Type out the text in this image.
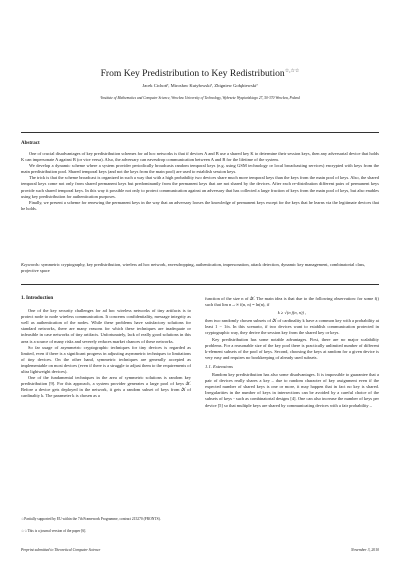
From Key Predistribution to Key Redistribution☆,☆☆
Jacek Cichońª, Mirosław Kutyłowskiª, Zbigniew Gołębiewskiª
ªInstitute of Mathematics and Computer Science, Wrocław University of Technology, Wybrzeże Wyspiańskiego 27, 50-370 Wrocław, Poland
Abstract

One of crucial disadvantages of key predistribution schemes for ad hoc networks is that if devices A and B use a shared key K to determine their session keys, then any adversarial device that holds K can impersonate A against B (or vice versa). Also, the adversary can eavesdrop communication between A and B for the lifetime of the system.

We develop a dynamic scheme where a system provider periodically broadcasts random temporal keys (e.g. using GSM technology or local broadcasting services) encrypted with keys from the main predistribution pool. Shared temporal keys (and not the keys from the main pool) are used to establish session keys.

The trick is that the scheme broadcast is organized in such a way that with a high probability two devices share much more temporal keys than the keys from the main pool of keys. Also, the shared temporal keys come not only from shared permanent keys but predominantly from the permanent keys that are not shared by the devices. After each re-distribution different pairs of permanent keys provide such shared temporal keys. In this way it possible not only to protect communication against an adversary that has collected a large fraction of keys from the main pool of keys, but also enables using key predistribution for authentication purposes.

Finally, we present a scheme for renewing the permanent keys in the way that an adversary looses the knowledge of permanent keys except for the keys that he learns via the legitimate devices that he holds.

Keywords: symmetric cryptography, key predistribution, wireless ad hoc network, eavesdropping, authentication, impersonation, attack detection, dynamic key management, combinatorial class, projective space
1. Introduction

One of the key security challenges for ad hoc wireless networks of tiny artifacts is to protect node to node wireless communication. It concerns confidentiality, message integrity as well as authentication of the nodes. While these problems have satisfactory solutions for standard networks, there are many reasons for which these techniques are inadequate or infeasible in case networks of tiny artifacts. Unfortunately, lack of really good solutions in this area is a source of many risks and severely reduces market chances of these networks.

So far usage of asymmetric cryptographic techniques for tiny devices is regarded as limited, even if there is a significant progress in adjusting asymmetric techniques to limitations of tiny devices. On the other hand, symmetric techniques are generally accepted as implementable on most devices (even if there is a struggle to adjust them to the requirements of ultra lightweight devices).

One of the fundamental techniques in the area of symmetric solutions is random key predistribution [9]. For this approach, a system provider generates a large pool of keys 𝒦. Before a device gets deployed in the network, it gets a random subset of keys from 𝒦 of cardinality k. The parameter k is chosen as a

☆Partially supported by EU within the 7th Framework Programme, contract 215270 (FRONTS).
☆☆This is a journal version of the paper [6].

function of the size n of 𝒦. The main idea is that due to the following observation: for some f() such that lim n→∞ f(n, n) = ln(n), if

k ≥ √(n f(n, n)) ,

then two randomly chosen subsets of 𝒦 of cardinality k have a common key with a probability at least 1 − 1/n. In this scenario, if two devices want to establish communication protected in cryptographic way, they derive the session key from the shared key or keys.

Key predistribution has some notable advantages. First, there are no major scalability problems. For a reasonable size of the key pool there is practically unlimited number of different k-element subsets of the pool of keys. Second, choosing the keys at random for a given device is very easy and requires no bookkeeping of already used subsets.

1.1. Extensions

Random key predistribution has also some disadvantages. It is impossible to guarantee that a pair of devices really shares a key – due to random character of key assignment even if the expected number of shared keys is one or more, it may happen that in fact no key is shared. Irregularities in the number of keys in intersections can be avoided by a careful choice of the subsets of keys - such as combinatorial designs [4]. One can also increase the number of keys per device [5] so that multiple keys are shared by communicating devices with a fair probability –

Preprint submitted to Theoretical Computer Science	November 3, 2010
